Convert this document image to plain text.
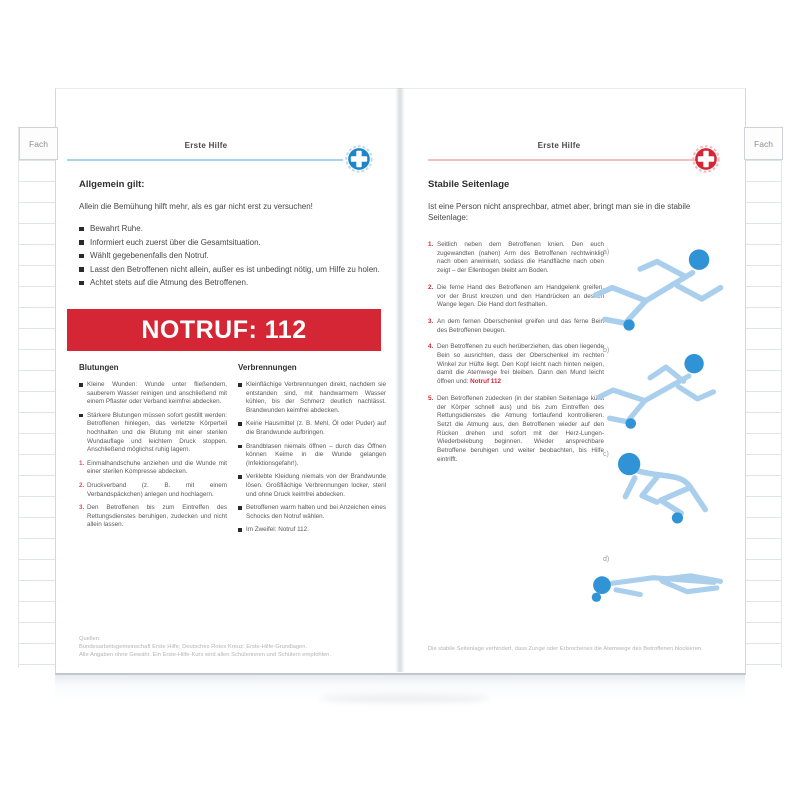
Fach	Fach
Erste Hilfe
Allgemein gilt:
Allein die Bemühung hilft mehr, als es gar nicht erst zu versuchen!
Bewahrt Ruhe.
Informiert euch zuerst über die Gesamtsituation.
Wählt gegebenenfalls den Notruf.
Lasst den Betroffenen nicht allein, außer es ist unbedingt nötig, um Hilfe zu holen.
Achtet stets auf die Atmung des Betroffenen.
NOTRUF: 112
Blutungen	Verbrennungen
Kleine Wunden: Wunde unter fließendem, sauberem Wasser reinigen und anschließend mit einem Pflaster oder Verband keimfrei abdecken.
Stärkere Blutungen müssen sofort gestillt werden: Betroffenen hinlegen, das verletzte Körperteil hochhalten und die Blutung mit einer sterilen Wundauflage und leichtem Druck stoppen. Anschließend möglichst ruhig lagern.
1. Einmalhandschuhe anziehen und die Wunde mit einer sterilen Kompresse abdecken.
2. Druckverband (z. B. mit einem Verbandspäckchen) anlegen und hochlagern.
3. Den Betroffenen bis zum Eintreffen des Rettungsdienstes beruhigen, zudecken und nicht allein lassen.
Kleinflächige Verbrennungen direkt, nachdem sie entstanden sind, mit handwarmem Wasser kühlen, bis der Schmerz deutlich nachlässt. Brandwunden keimfrei abdecken.
Keine Hausmittel (z. B. Mehl, Öl oder Puder) auf die Brandwunde aufbringen.
Brandblasen niemals öffnen – durch das Öffnen können Keime in die Wunde gelangen (Infektionsgefahr!).
Verklebte Kleidung niemals von der Brandwunde lösen. Großflächige Verbrennungen locker, steril und ohne Druck keimfrei abdecken.
Betroffenen warm halten und bei Anzeichen eines Schocks den Notruf wählen.
Im Zweifel: Notruf 112.
Quellen:
Bundesarbeitsgemeinschaft Erste Hilfe; Deutsches Rotes Kreuz: Erste-Hilfe-Grundlagen.
Alle Angaben ohne Gewähr. Ein Erste-Hilfe-Kurs wird allen Schülerinnen und Schülern empfohlen.
Erste Hilfe
Stabile Seitenlage
Ist eine Person nicht ansprechbar, atmet aber, bringt man sie in die stabile Seitenlage:
1. Seitlich neben dem Betroffenen knien. Den euch zugewandten (nahen) Arm des Betroffenen rechtwinklig nach oben anwinkeln, sodass die Handfläche nach oben zeigt – der Ellenbogen bleibt am Boden.
2. Die ferne Hand des Betroffenen am Handgelenk greifen, vor der Brust kreuzen und den Handrücken an dessen Wange legen. Die Hand dort festhalten.
3. An dem fernen Oberschenkel greifen und das ferne Bein des Betroffenen beugen.
4. Den Betroffenen zu euch herüberziehen, das oben liegende Bein so ausrichten, dass der Oberschenkel im rechten Winkel zur Hüfte liegt. Den Kopf leicht nach hinten neigen, damit die Atemwege frei bleiben. Dann den Mund leicht öffnen und: Notruf 112
5. Den Betroffenen zudecken (in der stabilen Seitenlage kühlt der Körper schnell aus) und bis zum Eintreffen des Rettungsdienstes die Atmung fortlaufend kontrollieren. Setzt die Atmung aus, den Betroffenen wieder auf den Rücken drehen und sofort mit der Herz-Lungen-Wiederbelebung beginnen. Wieder ansprechbare Betroffene beruhigen und weiter beobachten, bis Hilfe eintrifft.
a)
b)
c)
d)
Die stabile Seitenlage verhindert, dass Zunge oder Erbrochenes die Atemwege des Betroffenen blockieren.
